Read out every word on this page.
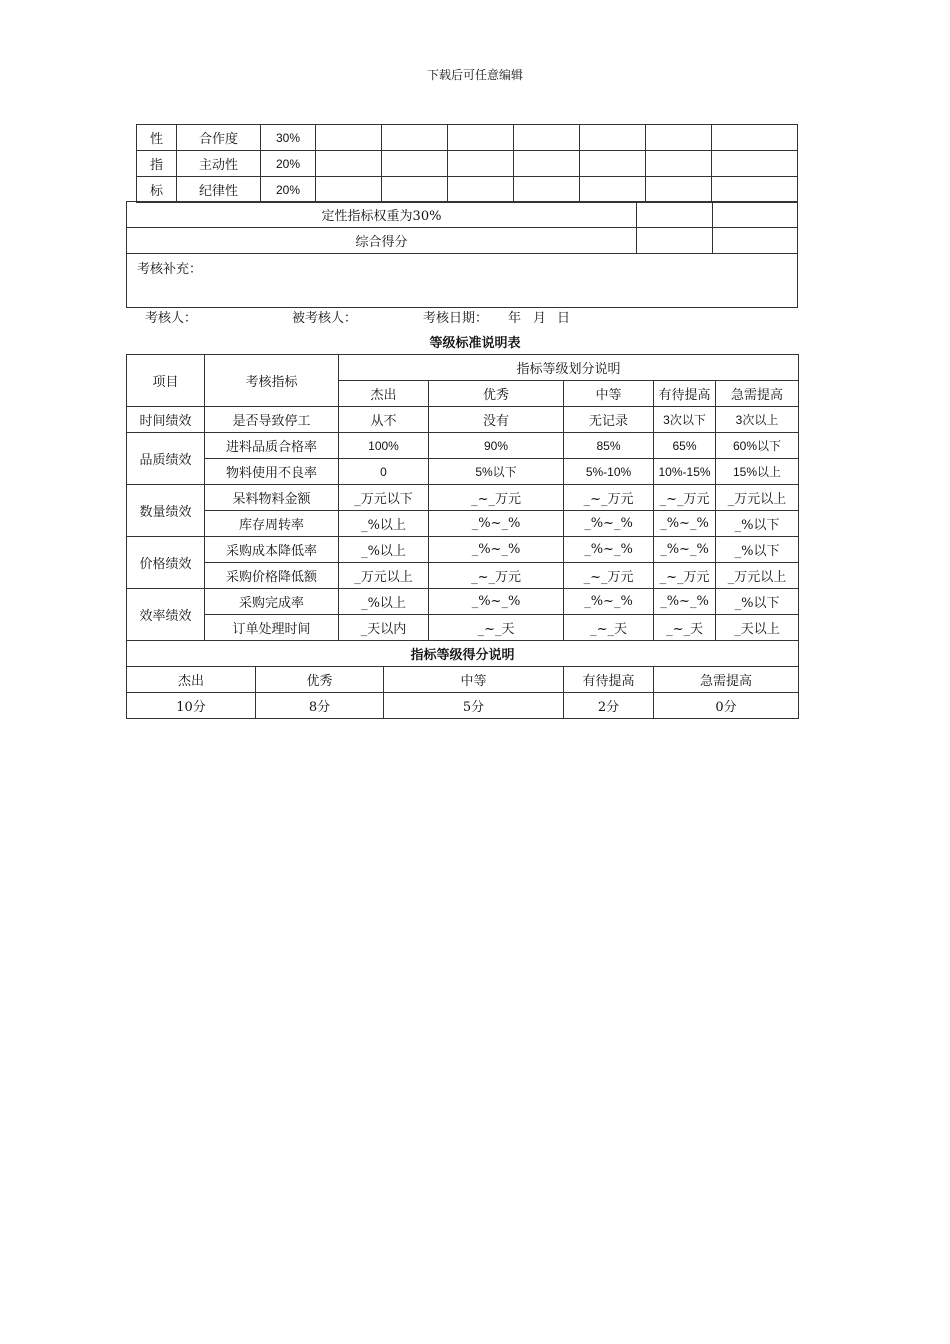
下载后可任意编辑
性	合作度	30%							
指	主动性	20%							
标	纪律性	20%							
定性指标权重为30%		
综合得分		
考核补充：		
考核人：	被考核人：	考核日期： 年 月 日
等级标准说明表
项目	考核指标		指标等级划分说明					
			杰出		优秀	中等	有待提高	急需提高
时间绩效	是否导致停工		从不		没有	无记录	3次以下	3次以上
品质绩效	进料品质合格率		100%		90%	85%	65%	60%以下
	物料使用不良率		0		5%以下	5%-10%	10%-15%	15%以上
数量绩效	呆料物料金额		_万元以下		_~_万元	_~_万元	_~_万元	_万元以上
	库存周转率		_%以上		_%~_%	_%~_%	_%~_%	_%以下
价格绩效	采购成本降低率		_%以上		_%~_%	_%~_%	_%~_%	_%以下
	采购价格降低额		_万元以上		_~_万元	_~_万元	_~_万元	_万元以上
效率绩效	采购完成率		_%以上		_%~_%	_%~_%	_%~_%	_%以下
	订单处理时间		_天以内		_~_天	_~_天	_~_天	_天以上
指标等级得分说明								
杰出		优秀		中等		有待提高	急需提高	
10分		8分		5分		2分	0分	
